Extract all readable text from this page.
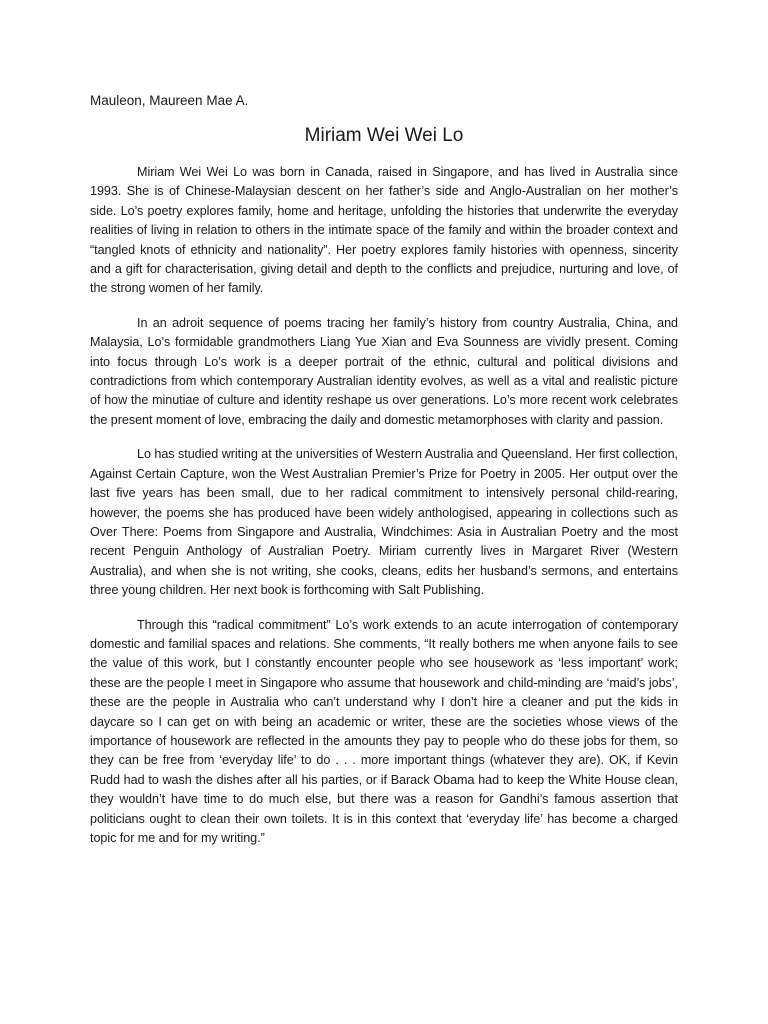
Mauleon, Maureen Mae A.
Miriam Wei Wei Lo

Miriam Wei Wei Lo was born in Canada, raised in Singapore, and has lived in Australia since 1993. She is of Chinese-Malaysian descent on her father’s side and Anglo-Australian on her mother’s side. Lo’s poetry explores family, home and heritage, unfolding the histories that underwrite the everyday realities of living in relation to others in the intimate space of the family and within the broader context and “tangled knots of ethnicity and nationality”. Her poetry explores family histories with openness, sincerity and a gift for characterisation, giving detail and depth to the conflicts and prejudice, nurturing and love, of the strong women of her family.

In an adroit sequence of poems tracing her family’s history from country Australia, China, and Malaysia, Lo’s formidable grandmothers Liang Yue Xian and Eva Sounness are vividly present. Coming into focus through Lo’s work is a deeper portrait of the ethnic, cultural and political divisions and contradictions from which contemporary Australian identity evolves, as well as a vital and realistic picture of how the minutiae of culture and identity reshape us over generations. Lo’s more recent work celebrates the present moment of love, embracing the daily and domestic metamorphoses with clarity and passion.

Lo has studied writing at the universities of Western Australia and Queensland. Her first collection, Against Certain Capture, won the West Australian Premier’s Prize for Poetry in 2005. Her output over the last five years has been small, due to her radical commitment to intensively personal child-rearing, however, the poems she has produced have been widely anthologised, appearing in collections such as Over There: Poems from Singapore and Australia, Windchimes: Asia in Australian Poetry and the most recent Penguin Anthology of Australian Poetry. Miriam currently lives in Margaret River (Western Australia), and when she is not writing, she cooks, cleans, edits her husband’s sermons, and entertains three young children. Her next book is forthcoming with Salt Publishing.

Through this “radical commitment” Lo’s work extends to an acute interrogation of contemporary domestic and familial spaces and relations. She comments, “It really bothers me when anyone fails to see the value of this work, but I constantly encounter people who see housework as ‘less important’ work; these are the people I meet in Singapore who assume that housework and child-minding are ‘maid’s jobs’, these are the people in Australia who can’t understand why I don’t hire a cleaner and put the kids in daycare so I can get on with being an academic or writer, these are the societies whose views of the importance of housework are reflected in the amounts they pay to people who do these jobs for them, so they can be free from ‘everyday life’ to do . . . more important things (whatever they are). OK, if Kevin Rudd had to wash the dishes after all his parties, or if Barack Obama had to keep the White House clean, they wouldn’t have time to do much else, but there was a reason for Gandhi’s famous assertion that politicians ought to clean their own toilets. It is in this context that ‘everyday life’ has become a charged topic for me and for my writing.”
